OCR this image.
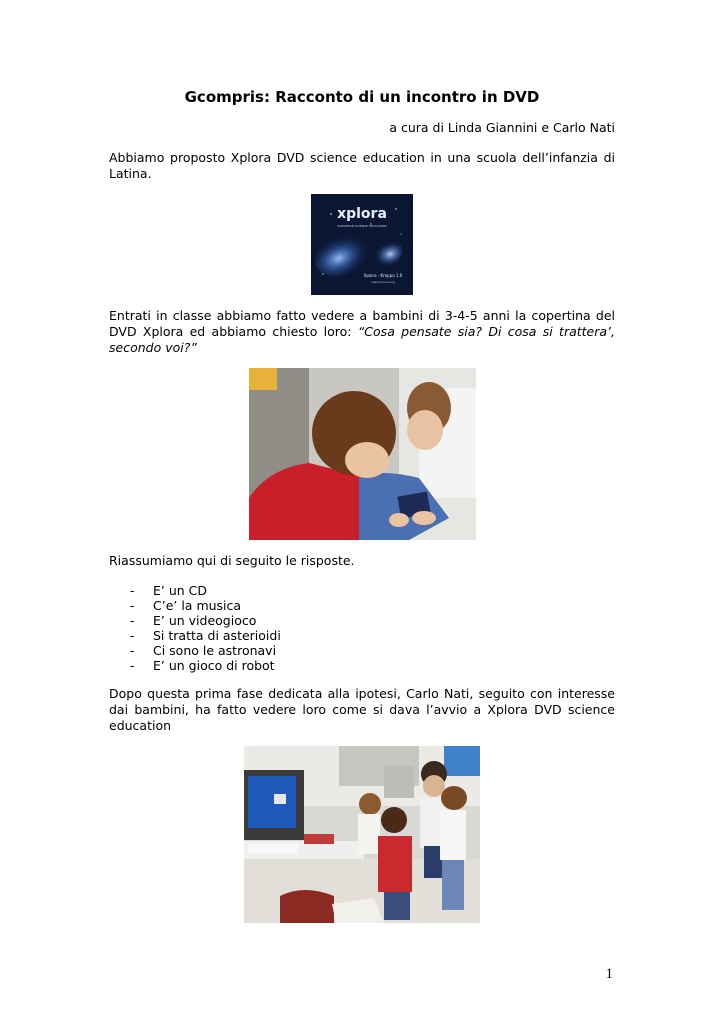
Gcompris: Racconto di un incontro in DVD
a cura di Linda Giannini e Carlo Nati

Abbiamo proposto Xplora DVD science education in una scuola dell’infanzia di Latina.

xplora
EUROPEAN SCIENCE EDUCATION
Xplora - Kreppa 1.0
www.xplora.org

Entrati in classe abbiamo fatto vedere a bambini di 3-4-5 anni la copertina del DVD Xplora ed abbiamo chiesto loro: “Cosa pensate sia? Di cosa si tratterа’, secondo voi?”

Riassumiamo qui di seguito le risposte.

- E’ un CD
- C’e’ la musica
- E’ un videogioco
- Si tratta di asterioidi
- Ci sono le astronavi
- E’ un gioco di robot

Dopo questa prima fase dedicata alla ipotesi, Carlo Nati, seguito con interesse dai bambini, ha fatto vedere loro come si dava l’avvio a Xplora DVD science education

1
